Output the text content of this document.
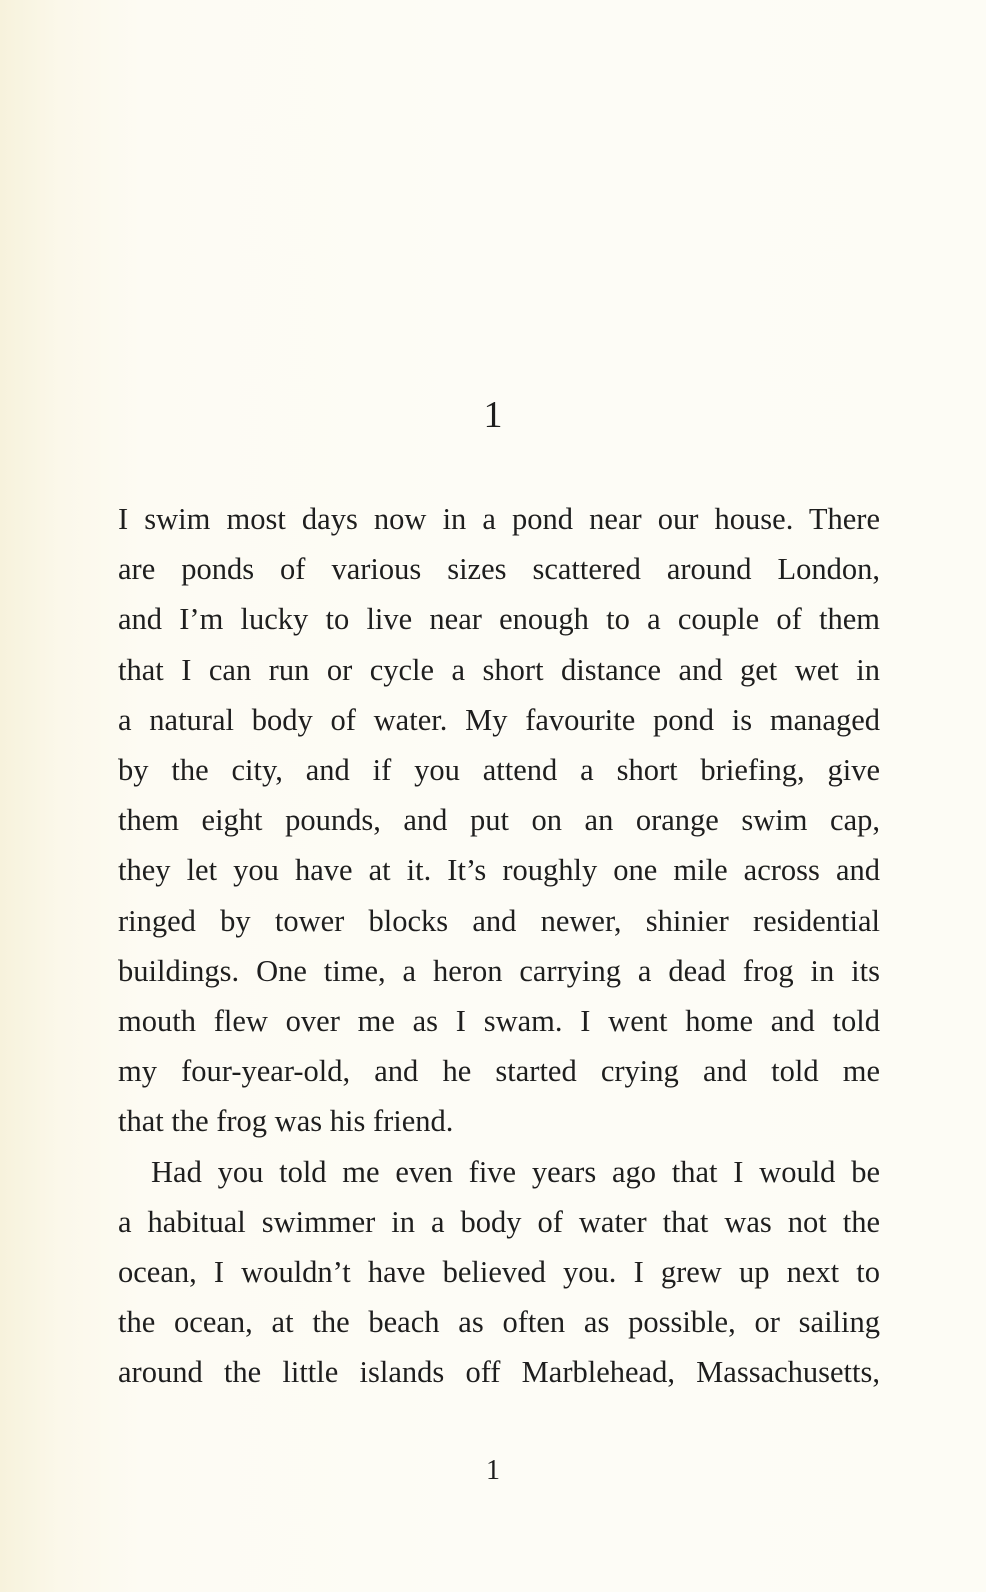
1
I swim most days now in a pond near our house. There
are ponds of various sizes scattered around London,
and I’m lucky to live near enough to a couple of them
that I can run or cycle a short distance and get wet in
a natural body of water. My favourite pond is managed
by the city, and if you attend a short briefing, give
them eight pounds, and put on an orange swim cap,
they let you have at it. It’s roughly one mile across and
ringed by tower blocks and newer, shinier residential
buildings. One time, a heron carrying a dead frog in its
mouth flew over me as I swam. I went home and told
my four-year-old, and he started crying and told me
that the frog was his friend.
Had you told me even five years ago that I would be
a habitual swimmer in a body of water that was not the
ocean, I wouldn’t have believed you. I grew up next to
the ocean, at the beach as often as possible, or sailing
around the little islands off Marblehead, Massachusetts,
1
